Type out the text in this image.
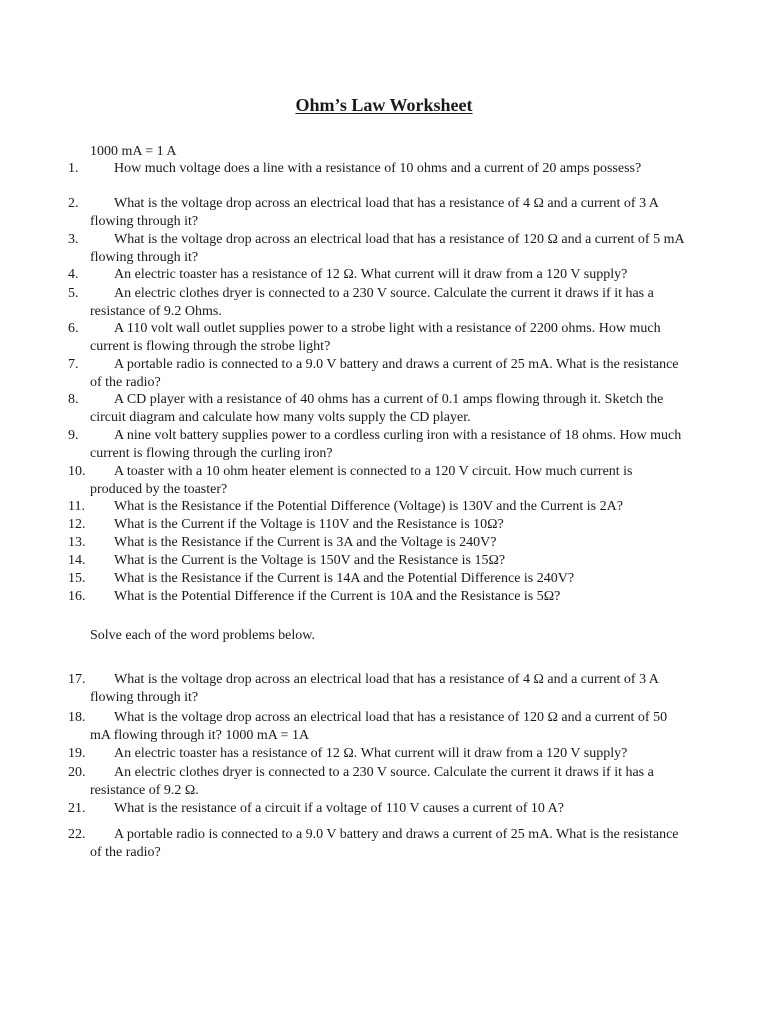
Ohm’s Law Worksheet
1000 mA = 1 A
1.	How much voltage does a line with a resistance of 10 ohms and a current of 20 amps possess?
2.	What is the voltage drop across an electrical load that has a resistance of 4 Ω and a current of 3 A flowing through it?
3.	What is the voltage drop across an electrical load that has a resistance of 120 Ω and a current of 5 mA flowing through it?
4.	An electric toaster has a resistance of 12 Ω. What current will it draw from a 120 V supply?
5.	An electric clothes dryer is connected to a 230 V source. Calculate the current it draws if it has a resistance of 9.2 Ohms.
6.	A 110 volt wall outlet supplies power to a strobe light with a resistance of 2200 ohms. How much current is flowing through the strobe light?
7.	A portable radio is connected to a 9.0 V battery and draws a current of 25 mA. What is the resistance of the radio?
8.	A CD player with a resistance of 40 ohms has a current of 0.1 amps flowing through it. Sketch the circuit diagram and calculate how many volts supply the CD player.
9.	A nine volt battery supplies power to a cordless curling iron with a resistance of 18 ohms. How much current is flowing through the curling iron?
10.	A toaster with a 10 ohm heater element is connected to a 120 V circuit. How much current is produced by the toaster?
11.	What is the Resistance if the Potential Difference (Voltage) is 130V and the Current is 2A?
12.	What is the Current if the Voltage is 110V and the Resistance is 10Ω?
13.	What is the Resistance if the Current is 3A and the Voltage is 240V?
14.	What is the Current is the Voltage is 150V and the Resistance is 15Ω?
15.	What is the Resistance if the Current is 14A and the Potential Difference is 240V?
16.	What is the Potential Difference if the Current is 10A and the Resistance is 5Ω?
Solve each of the word problems below.
17.	What is the voltage drop across an electrical load that has a resistance of 4 Ω and a current of 3 A flowing through it?
18.	What is the voltage drop across an electrical load that has a resistance of 120 Ω and a current of 50 mA flowing through it? 1000 mA = 1A
19.	An electric toaster has a resistance of 12 Ω. What current will it draw from a 120 V supply?
20.	An electric clothes dryer is connected to a 230 V source. Calculate the current it draws if it has a resistance of 9.2 Ω.
21.	What is the resistance of a circuit if a voltage of 110 V causes a current of 10 A?
22.	A portable radio is connected to a 9.0 V battery and draws a current of 25 mA. What is the resistance of the radio?
